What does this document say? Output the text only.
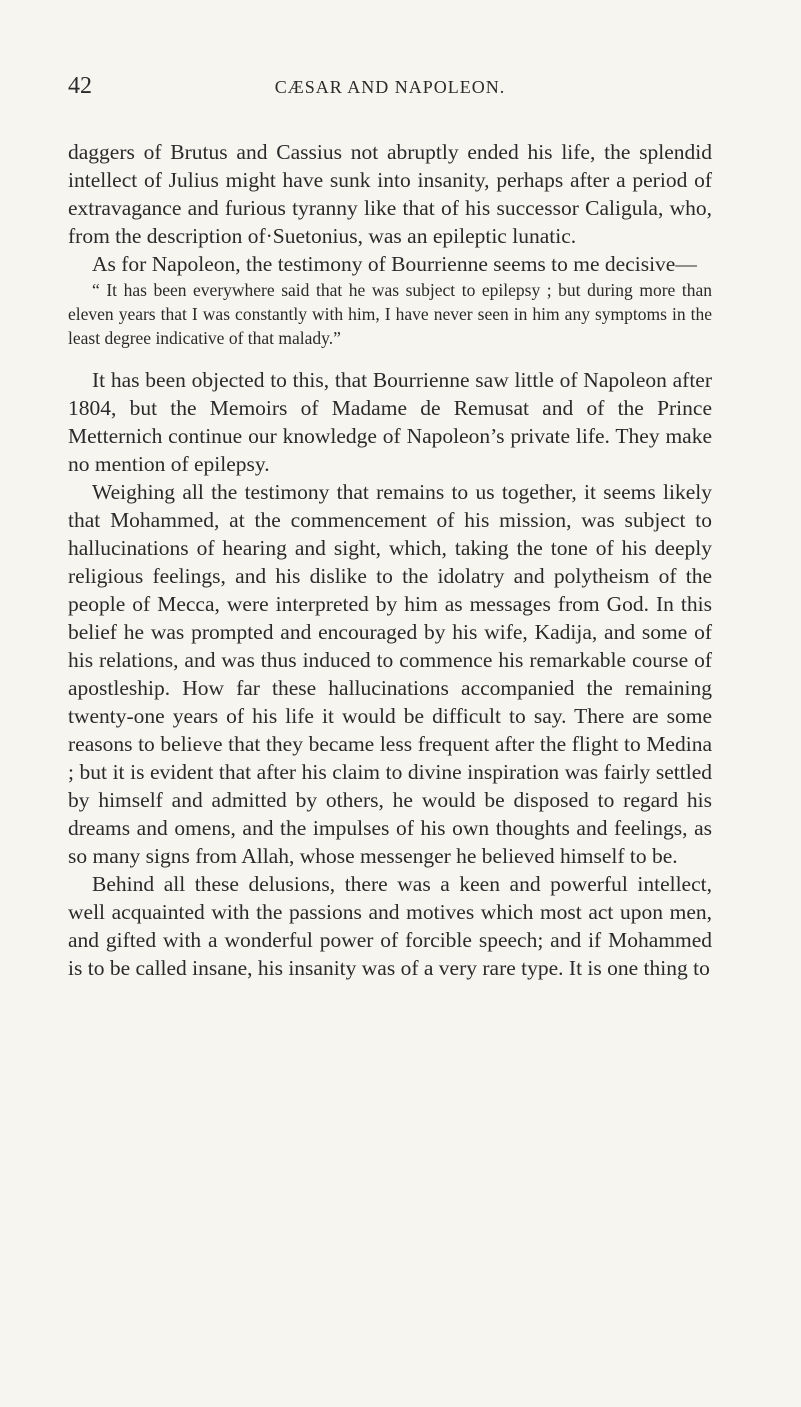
42	CÆSAR AND NAPOLEON.

daggers of Brutus and Cassius not abruptly ended his life, the splendid intellect of Julius might have sunk into insanity, perhaps after a period of extravagance and furious tyranny like that of his successor Caligula, who, from the description of·Suetonius, was an epileptic lunatic.

As for Napoleon, the testimony of Bourrienne seems to me decisive—

“ It has been everywhere said that he was subject to epilepsy ; but during more than eleven years that I was constantly with him, I have never seen in him any symptoms in the least degree indicative of that malady.”

It has been objected to this, that Bourrienne saw little of Napoleon after 1804, but the Memoirs of Madame de Remusat and of the Prince Metternich continue our knowledge of Napoleon’s private life. They make no mention of epilepsy.

Weighing all the testimony that remains to us together, it seems likely that Mohammed, at the commencement of his mission, was subject to hallucinations of hearing and sight, which, taking the tone of his deeply religious feelings, and his dislike to the idolatry and polytheism of the people of Mecca, were interpreted by him as messages from God. In this belief he was prompted and encouraged by his wife, Kadija, and some of his relations, and was thus induced to commence his remarkable course of apostleship. How far these hallucinations accompanied the remaining twenty-one years of his life it would be difficult to say. There are some reasons to believe that they became less frequent after the flight to Medina ; but it is evident that after his claim to divine inspiration was fairly settled by himself and admitted by others, he would be disposed to regard his dreams and omens, and the impulses of his own thoughts and feelings, as so many signs from Allah, whose messenger he believed himself to be.

Behind all these delusions, there was a keen and powerful intellect, well acquainted with the passions and motives which most act upon men, and gifted with a wonderful power of forcible speech; and if Mohammed is to be called insane, his insanity was of a very rare type. It is one thing to
